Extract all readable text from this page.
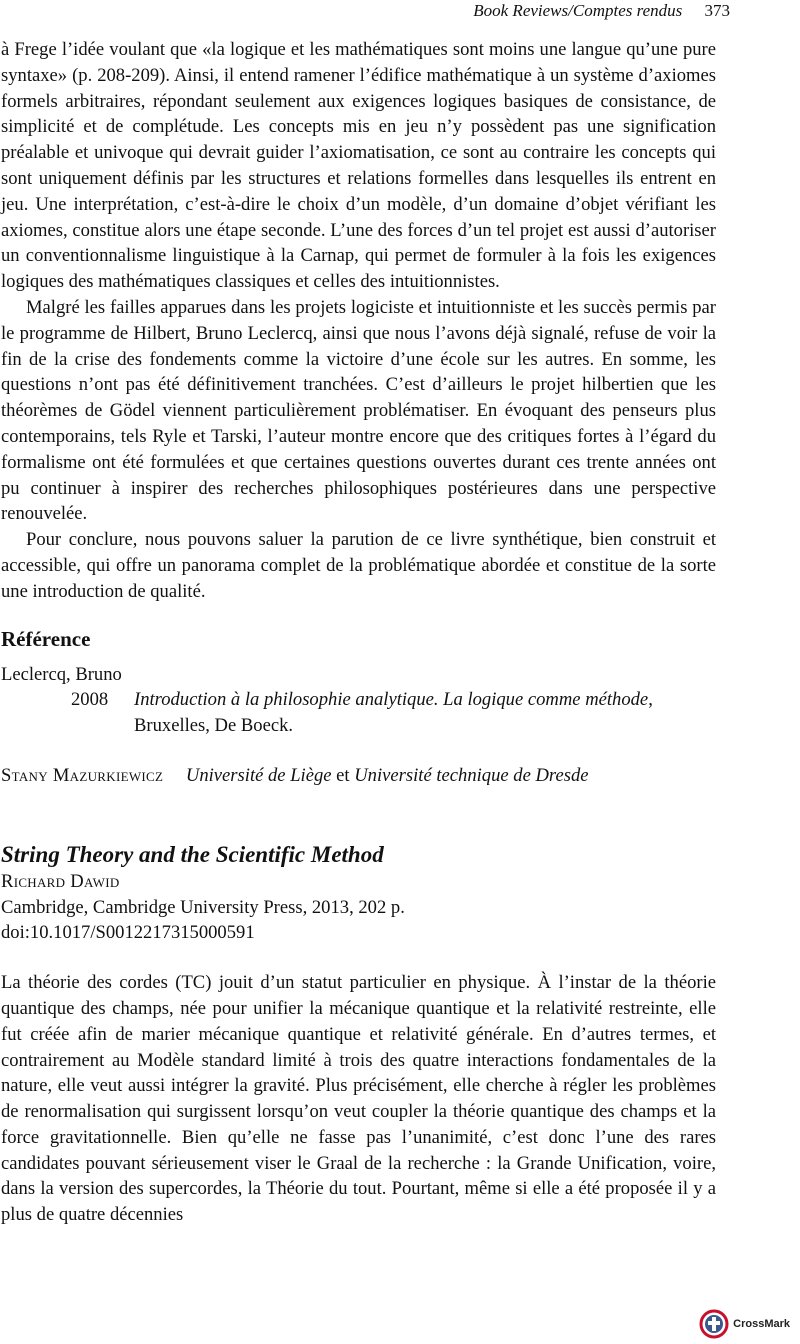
Book Reviews/Comptes rendus 373

à Frege l’idée voulant que «la logique et les mathématiques sont moins une langue qu’une pure syntaxe» (p. 208-209). Ainsi, il entend ramener l’édifice mathématique à un système d’axiomes formels arbitraires, répondant seulement aux exigences logiques basiques de consistance, de simplicité et de complétude. Les concepts mis en jeu n’y possèdent pas une signification préalable et univoque qui devrait guider l’axiomatisation, ce sont au contraire les concepts qui sont uniquement définis par les structures et relations formelles dans lesquelles ils entrent en jeu. Une interprétation, c’est-à-dire le choix d’un modèle, d’un domaine d’objet vérifiant les axiomes, constitue alors une étape seconde. L’une des forces d’un tel projet est aussi d’autoriser un conventionnalisme linguistique à la Carnap, qui permet de formuler à la fois les exigences logiques des mathématiques classiques et celles des intuitionnistes.

Malgré les failles apparues dans les projets logiciste et intuitionniste et les succès permis par le programme de Hilbert, Bruno Leclercq, ainsi que nous l’avons déjà signalé, refuse de voir la fin de la crise des fondements comme la victoire d’une école sur les autres. En somme, les questions n’ont pas été définitivement tranchées. C’est d’ailleurs le projet hilbertien que les théorèmes de Gödel viennent particulièrement problématiser. En évoquant des penseurs plus contemporains, tels Ryle et Tarski, l’auteur montre encore que des critiques fortes à l’égard du formalisme ont été formulées et que certaines questions ouvertes durant ces trente années ont pu continuer à inspirer des recherches philosophiques postérieures dans une perspective renouvelée.

Pour conclure, nous pouvons saluer la parution de ce livre synthétique, bien construit et accessible, qui offre un panorama complet de la problématique abordée et constitue de la sorte une introduction de qualité.

Référence

Leclercq, Bruno

2008	Introduction à la philosophie analytique. La logique comme méthode, Bruxelles, De Boeck.
Stany Mazurkiewicz Université de Liège et Université technique de Dresde
String Theory and the Scientific Method
Richard Dawid
Cambridge, Cambridge University Press, 2013, 202 p.
doi:10.1017/S0012217315000591

La théorie des cordes (TC) jouit d’un statut particulier en physique. À l’instar de la théorie quantique des champs, née pour unifier la mécanique quantique et la relativité restreinte, elle fut créée afin de marier mécanique quantique et relativité générale. En d’autres termes, et contrairement au Modèle standard limité à trois des quatre interactions fondamentales de la nature, elle veut aussi intégrer la gravité. Plus précisément, elle cherche à régler les problèmes de renormalisation qui surgissent lorsqu’on veut coupler la théorie quantique des champs et la force gravitationnelle. Bien qu’elle ne fasse pas l’unanimité, c’est donc l’une des rares candidates pouvant sérieusement viser le Graal de la recherche : la Grande Unification, voire, dans la version des supercordes, la Théorie du tout. Pourtant, même si elle a été proposée il y a plus de quatre décennies

CrossMark
